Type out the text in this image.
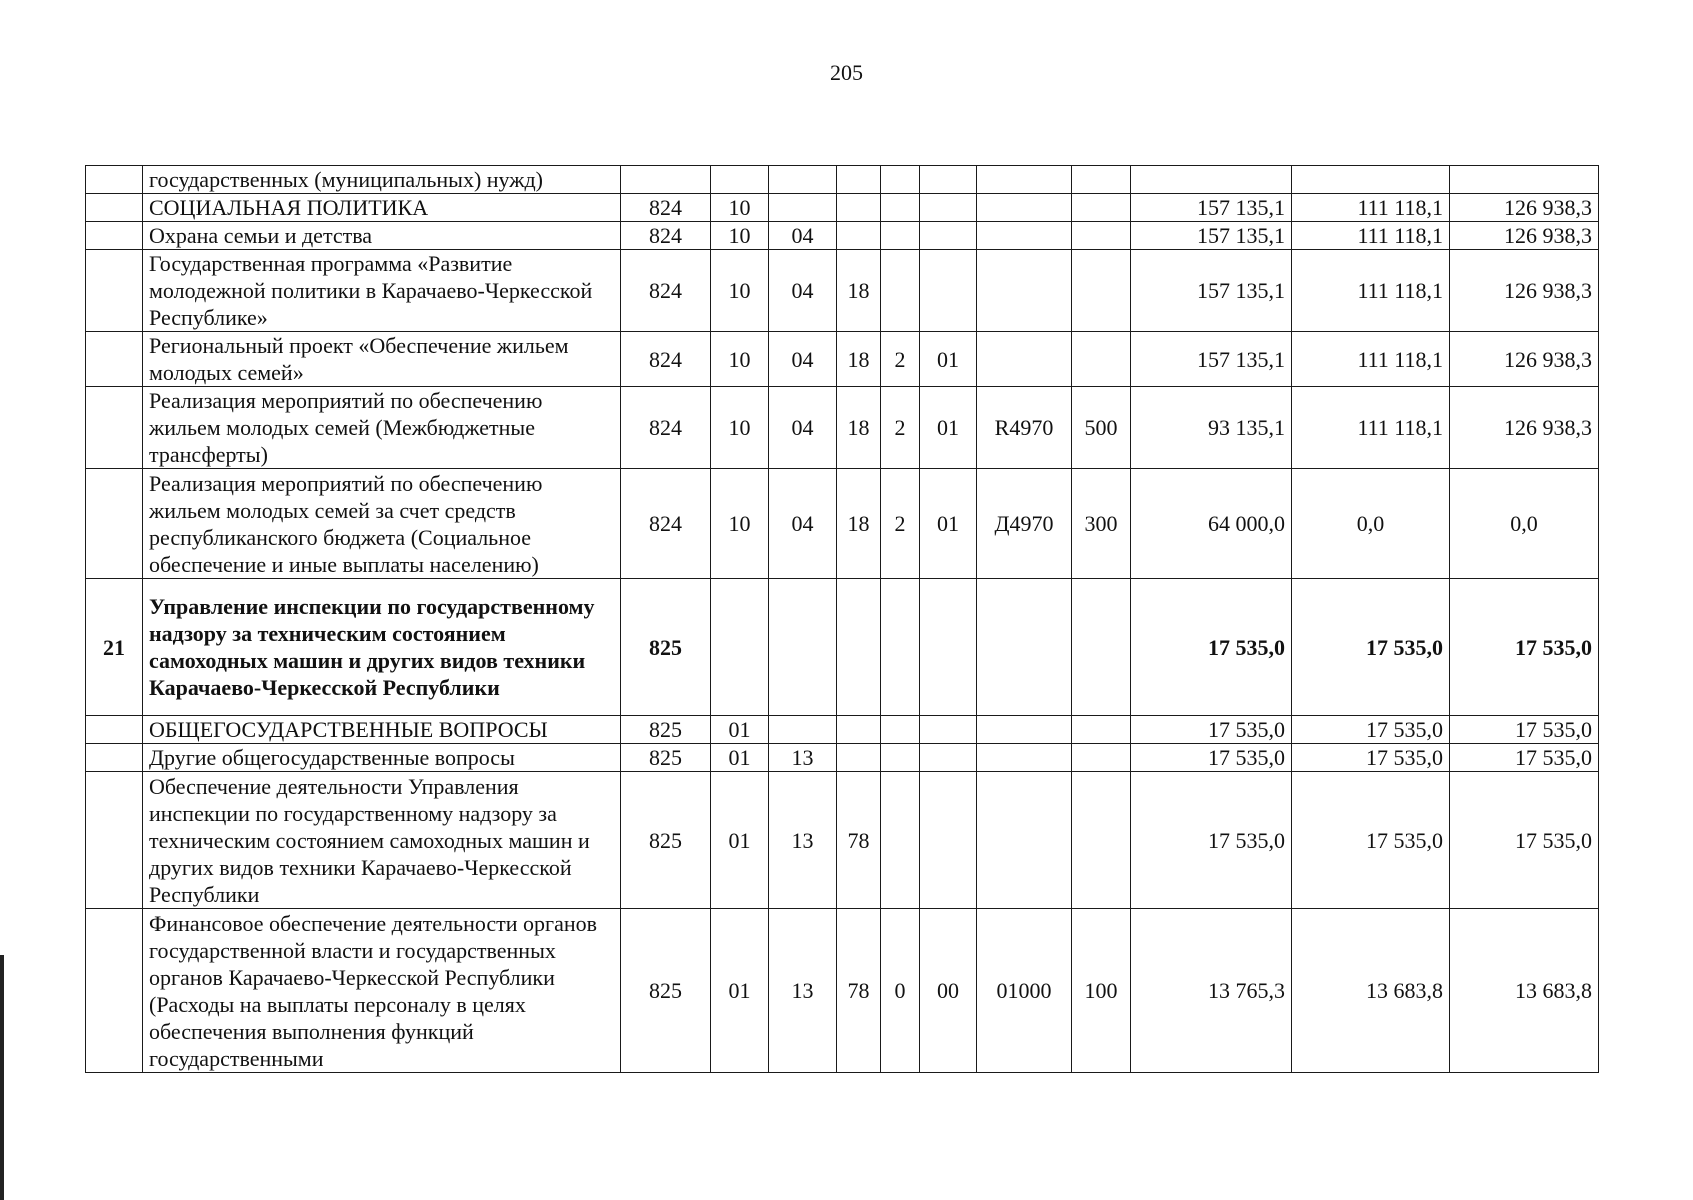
205
	государственных (муниципальных) нужд)											
	СОЦИАЛЬНАЯ ПОЛИТИКА	824	10							157 135,1	111 118,1	126 938,3
	Охрана семьи и детства	824	10	04						157 135,1	111 118,1	126 938,3
	Государственная программа «Развитие молодежной политики в Карачаево-Черкесской Республике»	824	10	04	18					157 135,1	111 118,1	126 938,3
	Региональный проект «Обеспечение жильем молодых семей»	824	10	04	18	2	01			157 135,1	111 118,1	126 938,3
	Реализация мероприятий по обеспечению жильем молодых семей (Межбюджетные трансферты)	824	10	04	18	2	01	R4970	500	93 135,1	111 118,1	126 938,3
	Реализация мероприятий по обеспечению жильем молодых семей за счет средств республиканского бюджета (Социальное обеспечение и иные выплаты населению)	824	10	04	18	2	01	Д4970	300	64 000,0	0,0	0,0
21	Управление инспекции по государственному надзору за техническим состоянием самоходных машин и других видов техники Карачаево-Черкесской Республики	825								17 535,0	17 535,0	17 535,0
	ОБЩЕГОСУДАРСТВЕННЫЕ ВОПРОСЫ	825	01							17 535,0	17 535,0	17 535,0
	Другие общегосударственные вопросы	825	01	13						17 535,0	17 535,0	17 535,0
	Обеспечение деятельности Управления инспекции по государственному надзору за техническим состоянием самоходных машин и других видов техники Карачаево-Черкесской Республики	825	01	13	78					17 535,0	17 535,0	17 535,0
	Финансовое обеспечение деятельности органов государственной власти и государственных органов Карачаево-Черкесской Республики (Расходы на выплаты персоналу в целях обеспечения выполнения функций государственными	825	01	13	78	0	00	01000	100	13 765,3	13 683,8	13 683,8
